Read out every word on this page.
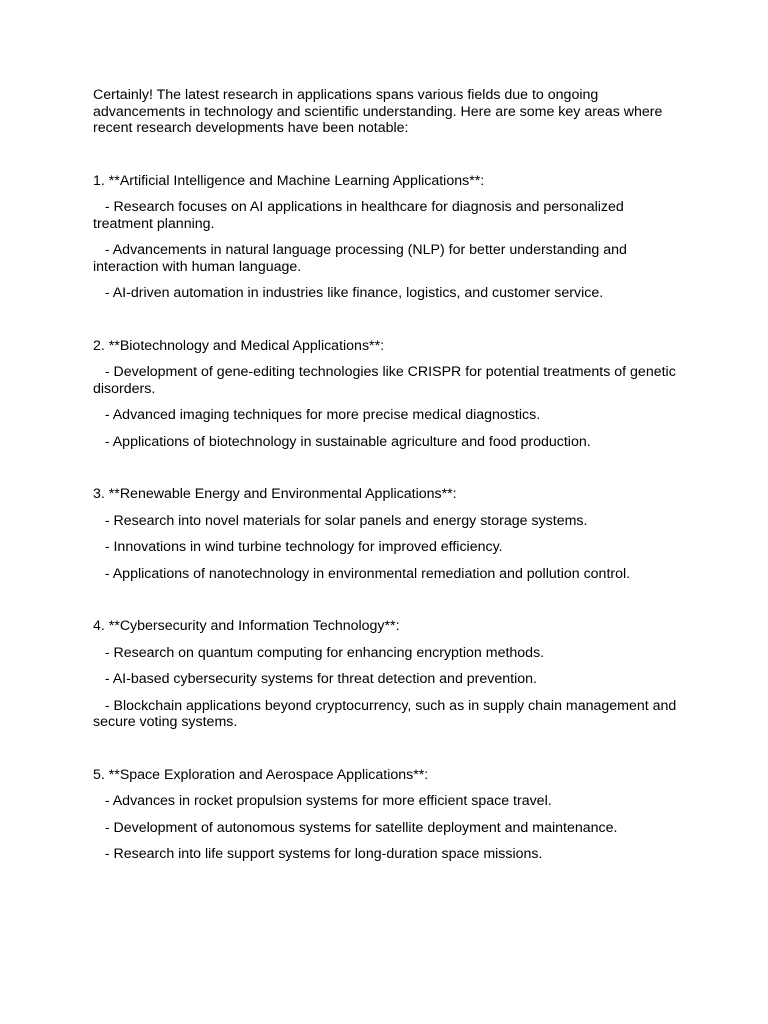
Certainly! The latest research in applications spans various fields due to ongoing advancements in technology and scientific understanding. Here are some key areas where recent research developments have been notable:

1. **Artificial Intelligence and Machine Learning Applications**:

- Research focuses on AI applications in healthcare for diagnosis and personalized treatment planning.

- Advancements in natural language processing (NLP) for better understanding and interaction with human language.

- AI-driven automation in industries like finance, logistics, and customer service.

2. **Biotechnology and Medical Applications**:

- Development of gene-editing technologies like CRISPR for potential treatments of genetic disorders.

- Advanced imaging techniques for more precise medical diagnostics.

- Applications of biotechnology in sustainable agriculture and food production.

3. **Renewable Energy and Environmental Applications**:

- Research into novel materials for solar panels and energy storage systems.

- Innovations in wind turbine technology for improved efficiency.

- Applications of nanotechnology in environmental remediation and pollution control.

4. **Cybersecurity and Information Technology**:

- Research on quantum computing for enhancing encryption methods.

- AI-based cybersecurity systems for threat detection and prevention.

- Blockchain applications beyond cryptocurrency, such as in supply chain management and secure voting systems.

5. **Space Exploration and Aerospace Applications**:

- Advances in rocket propulsion systems for more efficient space travel.

- Development of autonomous systems for satellite deployment and maintenance.

- Research into life support systems for long-duration space missions.
